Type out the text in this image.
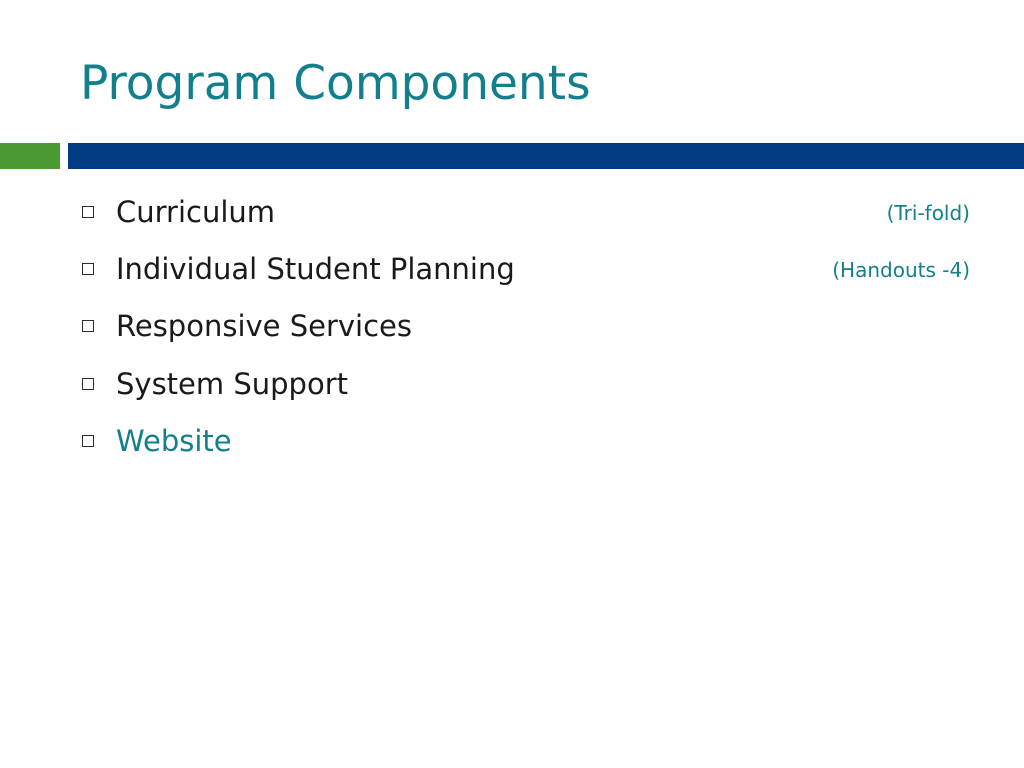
Program Components
Curriculum	(Tri-fold)
Individual Student Planning	(Handouts -4)
Responsive Services
System Support
Website
